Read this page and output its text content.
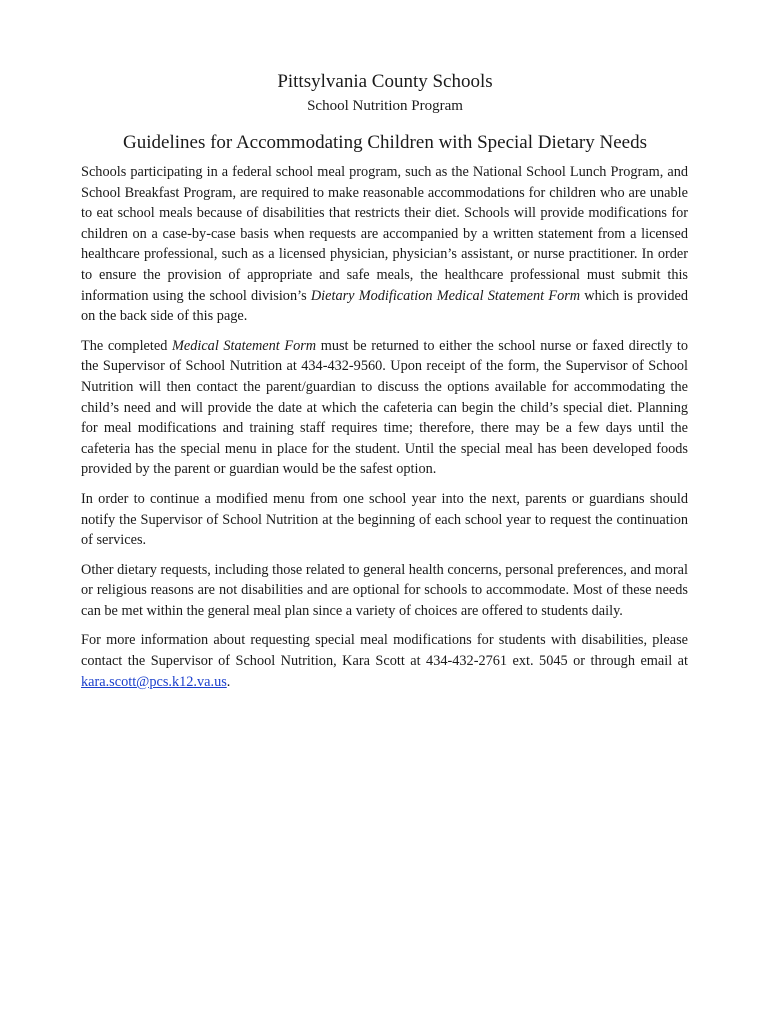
Pittsylvania County Schools
School Nutrition Program
Guidelines for Accommodating Children with Special Dietary Needs

Schools participating in a federal school meal program, such as the National School Lunch Program, and School Breakfast Program, are required to make reasonable accommodations for children who are unable to eat school meals because of disabilities that restricts their diet. Schools will provide modifications for children on a case-by-case basis when requests are accompanied by a written statement from a licensed healthcare professional, such as a licensed physician, physician’s assistant, or nurse practitioner. In order to ensure the provision of appropriate and safe meals, the healthcare professional must submit this information using the school division’s Dietary Modification Medical Statement Form which is provided on the back side of this page.

The completed Medical Statement Form must be returned to either the school nurse or faxed directly to the Supervisor of School Nutrition at 434-432-9560. Upon receipt of the form, the Supervisor of School Nutrition will then contact the parent/guardian to discuss the options available for accommodating the child’s need and will provide the date at which the cafeteria can begin the child’s special diet. Planning for meal modifications and training staff requires time; therefore, there may be a few days until the cafeteria has the special menu in place for the student. Until the special meal has been developed foods provided by the parent or guardian would be the safest option.

In order to continue a modified menu from one school year into the next, parents or guardians should notify the Supervisor of School Nutrition at the beginning of each school year to request the continuation of services.

Other dietary requests, including those related to general health concerns, personal preferences, and moral or religious reasons are not disabilities and are optional for schools to accommodate. Most of these needs can be met within the general meal plan since a variety of choices are offered to students daily.

For more information about requesting special meal modifications for students with disabilities, please contact the Supervisor of School Nutrition, Kara Scott at 434-432-2761 ext. 5045 or through email at kara.scott@pcs.k12.va.us.
